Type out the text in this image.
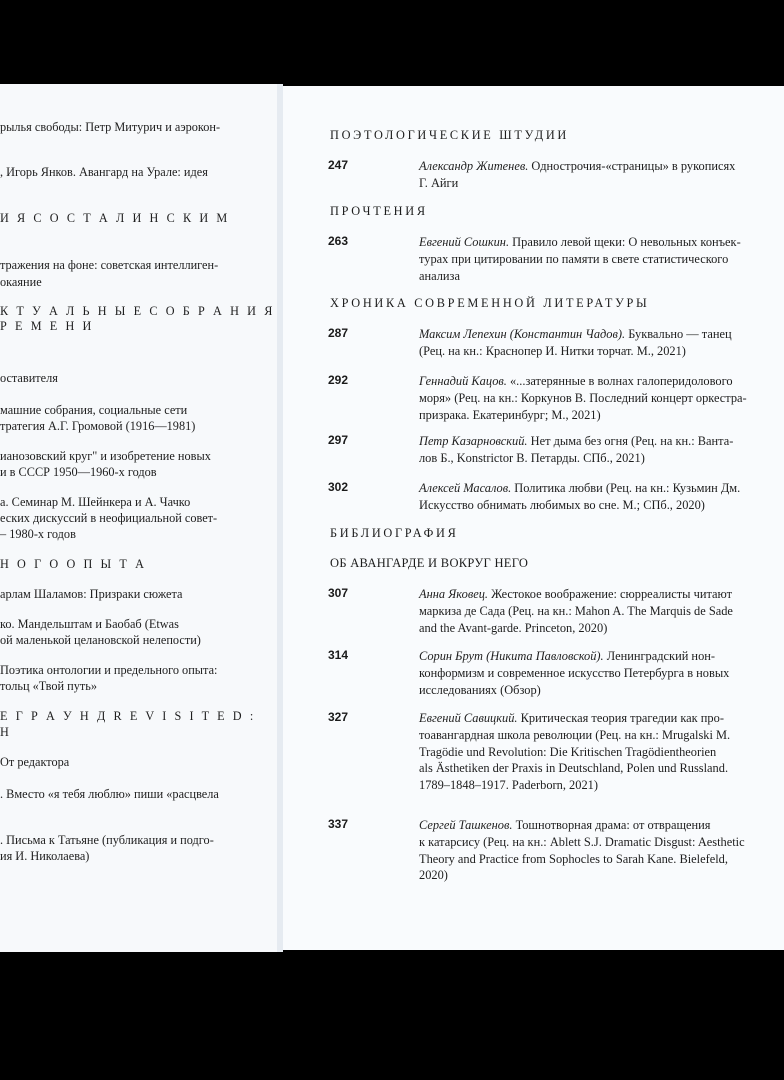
рылья свободы: Петр Митурич и аэрокон-
, Игорь Янков. Авангард на Урале: идея
И Я С О С Т А Л И Н С К И М
тражения на фоне: советская интеллиген-
окаяние
К Т У А Л Ь Н Ы Е С О Б Р А Н И Я
Р Е М Е Н И
оставителя
машние собрания, социальные сети
тратегия А.Г. Громовой (1916—1981)
ианозовский круг" и изобретение новых
и в СССР 1950—1960-х годов
а. Семинар М. Шейнкера и А. Чачко
еских дискуссий в неофициальной совет-
– 1980-х годов
Н О Г О О П Ы Т А
арлам Шаламов: Призраки сюжета
ко. Мандельштам и Баобаб (Etwas
ой маленькой целановской нелепости)
Поэтика онтологии и предельного опыта:
тольц «Твой путь»
Е Г Р А У Н Д R E V I S I T E D :
Н
От редактора
. Вместо «я тебя люблю» пиши «расцвела
. Письма к Татьяне (публикация и подго-
ия И. Николаева)
ПОЭТОЛОГИЧЕСКИЕ ШТУДИИ
247	Александр Житенев. Однострочия-«страницы» в рукописях
Г. Айги
ПРОЧТЕНИЯ
263	Евгений Сошкин. Правило левой щеки: О невольных конъек-
турах при цитировании по памяти в свете статистического
анализа
ХРОНИКА СОВРЕМЕННОЙ ЛИТЕРАТУРЫ
287	Максим Лепехин (Константин Чадов). Буквально — танец
(Рец. на кн.: Краснопер И. Нитки торчат. М., 2021)
292	Геннадий Кацов. «...затерянные в волнах галоперидолового
моря» (Рец. на кн.: Коркунов В. Последний концерт оркестра-
призрака. Екатеринбург; М., 2021)
297	Петр Казарновский. Нет дыма без огня (Рец. на кн.: Ванта-
лов Б., Konstrictor В. Петарды. СПб., 2021)
302	Алексей Масалов. Политика любви (Рец. на кн.: Кузьмин Дм.
Искусство обнимать любимых во сне. М.; СПб., 2020)
БИБЛИОГРАФИЯ
ОБ АВАНГАРДЕ И ВОКРУГ НЕГО
307	Анна Яковец. Жестокое воображение: сюрреалисты читают
маркиза де Сада (Рец. на кн.: Mahon A. The Marquis de Sade
and the Avant-garde. Princeton, 2020)
314	Сорин Брут (Никита Павловской). Ленинградский нон-
конформизм и современное искусство Петербурга в новых
исследованиях (Обзор)
327	Евгений Савицкий. Критическая теория трагедии как про-
тоавангардная школа революции (Рец. на кн.: Mrugalski M.
Tragödie und Revolution: Die Kritischen Tragödientheorien
als Ästhetiken der Praxis in Deutschland, Polen und Russland.
1789–1848–1917. Paderborn, 2021)
337	Сергей Ташкенов. Тошнотворная драма: от отвращения
к катарсису (Рец. на кн.: Ablett S.J. Dramatic Disgust: Aesthetic
Theory and Practice from Sophocles to Sarah Kane. Bielefeld,
2020)
